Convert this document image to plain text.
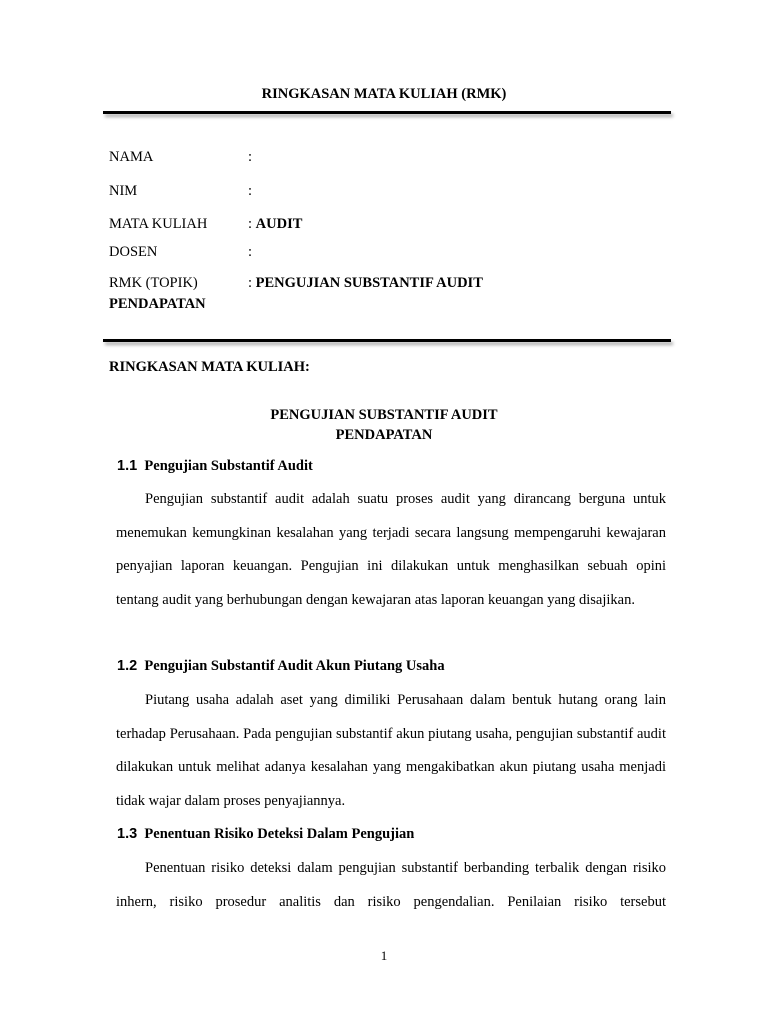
RINGKASAN MATA KULIAH (RMK)
NAMA	:
NIM	:
MATA KULIAH	: AUDIT
DOSEN	:
RMK (TOPIK)	: PENGUJIAN SUBSTANTIF AUDIT
PENDAPATAN
RINGKASAN MATA KULIAH:
PENGUJIAN SUBSTANTIF AUDIT
PENDAPATAN
1.1 Pengujian Substantif Audit

Pengujian substantif audit adalah suatu proses audit yang dirancang berguna untuk menemukan kemungkinan kesalahan yang terjadi secara langsung mempengaruhi kewajaran penyajian laporan keuangan. Pengujian ini dilakukan untuk menghasilkan sebuah opini tentang audit yang berhubungan dengan kewajaran atas laporan keuangan yang disajikan.

1.2 Pengujian Substantif Audit Akun Piutang Usaha

Piutang usaha adalah aset yang dimiliki Perusahaan dalam bentuk hutang orang lain terhadap Perusahaan. Pada pengujian substantif akun piutang usaha, pengujian substantif audit dilakukan untuk melihat adanya kesalahan yang mengakibatkan akun piutang usaha menjadi tidak wajar dalam proses penyajiannya.

1.3 Penentuan Risiko Deteksi Dalam Pengujian

Penentuan risiko deteksi dalam pengujian substantif berbanding terbalik dengan risiko inhern, risiko prosedur analitis dan risiko pengendalian. Penilaian risiko tersebut

1
